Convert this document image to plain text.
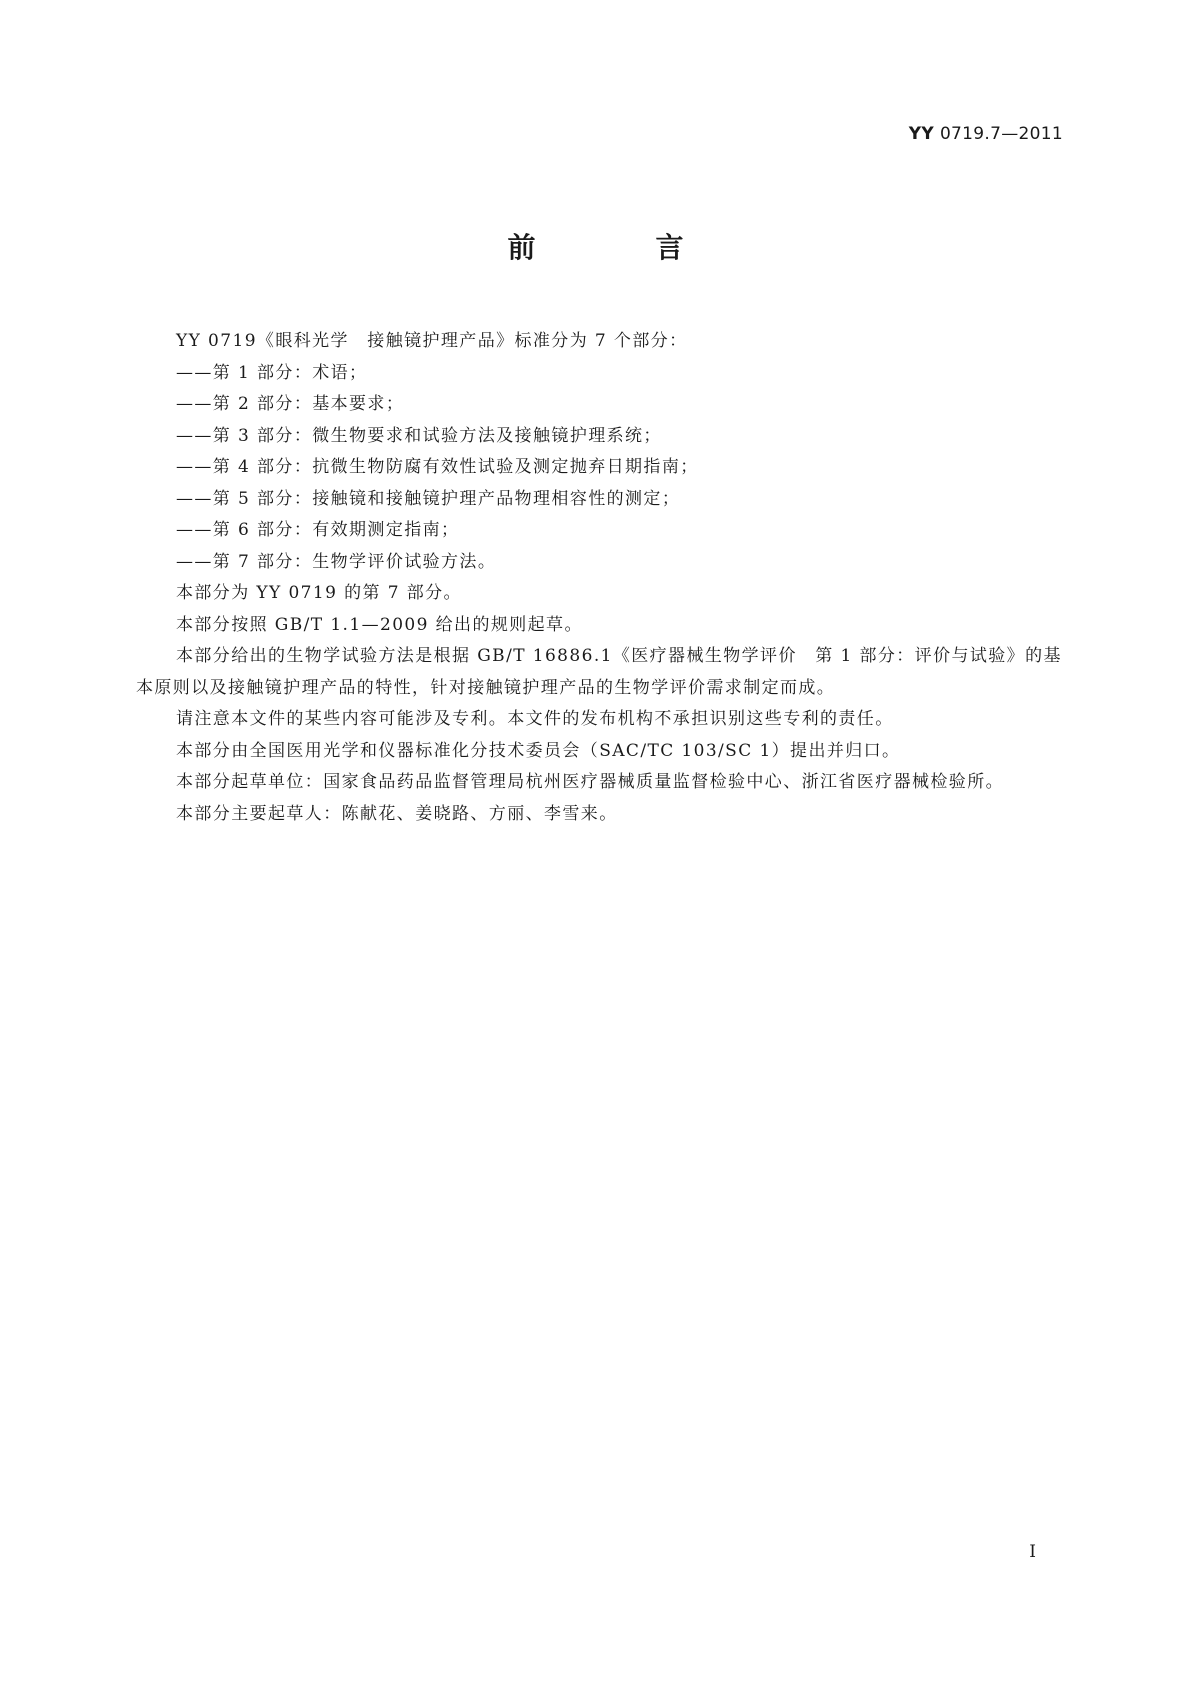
YY 0719.7—2011
前　言

YY 0719《眼科光学　接触镜护理产品》标准分为 7 个部分：

——第 1 部分：术语；

——第 2 部分：基本要求；

——第 3 部分：微生物要求和试验方法及接触镜护理系统；

——第 4 部分：抗微生物防腐有效性试验及测定抛弃日期指南；

——第 5 部分：接触镜和接触镜护理产品物理相容性的测定；

——第 6 部分：有效期测定指南；

——第 7 部分：生物学评价试验方法。

本部分为 YY 0719 的第 7 部分。

本部分按照 GB/T 1.1—2009 给出的规则起草。

本部分给出的生物学试验方法是根据 GB/T 16886.1《医疗器械生物学评价　第 1 部分：评价与试验》的基本原则以及接触镜护理产品的特性，针对接触镜护理产品的生物学评价需求制定而成。

请注意本文件的某些内容可能涉及专利。本文件的发布机构不承担识别这些专利的责任。

本部分由全国医用光学和仪器标准化分技术委员会（SAC/TC 103/SC 1）提出并归口。

本部分起草单位：国家食品药品监督管理局杭州医疗器械质量监督检验中心、浙江省医疗器械检验所。

本部分主要起草人：陈献花、姜晓路、方丽、李雪来。

I
